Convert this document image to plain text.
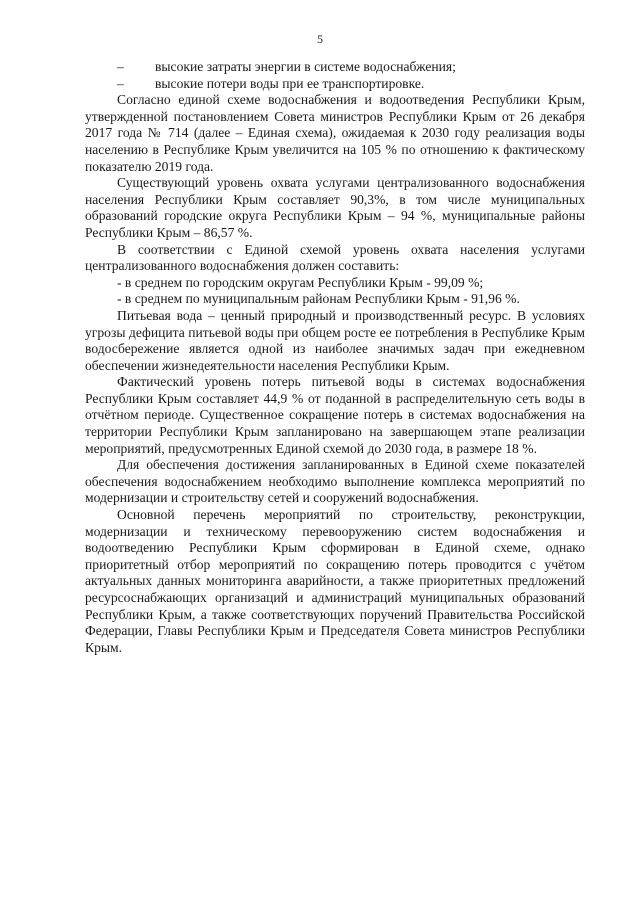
5
–	высокие затраты энергии в системе водоснабжения;
–	высокие потери воды при ее транспортировке.

Согласно единой схеме водоснабжения и водоотведения Республики Крым, утвержденной постановлением Совета министров Республики Крым от 26 декабря 2017 года № 714 (далее – Единая схема), ожидаемая к 2030 году реализация воды населению в Республике Крым увеличится на 105 % по отношению к фактическому показателю 2019 года.

Существующий уровень охвата услугами централизованного водоснабжения населения Республики Крым составляет 90,3%, в том числе муниципальных образований городские округа Республики Крым – 94 %, муниципальные районы Республики Крым – 86,57 %.

В соответствии с Единой схемой уровень охвата населения услугами централизованного водоснабжения должен составить:

- в среднем по городским округам Республики Крым - 99,09 %;

- в среднем по муниципальным районам Республики Крым - 91,96 %.

Питьевая вода – ценный природный и производственный ресурс. В условиях угрозы дефицита питьевой воды при общем росте ее потребления в Республике Крым водосбережение является одной из наиболее значимых задач при ежедневном обеспечении жизнедеятельности населения Республики Крым.

Фактический уровень потерь питьевой воды в системах водоснабжения Республики Крым составляет 44,9 % от поданной в распределительную сеть воды в отчётном периоде. Существенное сокращение потерь в системах водоснабжения на территории Республики Крым запланировано на завершающем этапе реализации мероприятий, предусмотренных Единой схемой до 2030 года, в размере 18 %.

Для обеспечения достижения запланированных в Единой схеме показателей обеспечения водоснабжением необходимо выполнение комплекса мероприятий по модернизации и строительству сетей и сооружений водоснабжения.

Основной перечень мероприятий по строительству, реконструкции, модернизации и техническому перевооружению систем водоснабжения и водоотведению Республики Крым сформирован в Единой схеме, однако приоритетный отбор мероприятий по сокращению потерь проводится с учётом актуальных данных мониторинга аварийности, а также приоритетных предложений ресурсоснабжающих организаций и администраций муниципальных образований Республики Крым, а также соответствующих поручений Правительства Российской Федерации, Главы Республики Крым и Председателя Совета министров Республики Крым.
